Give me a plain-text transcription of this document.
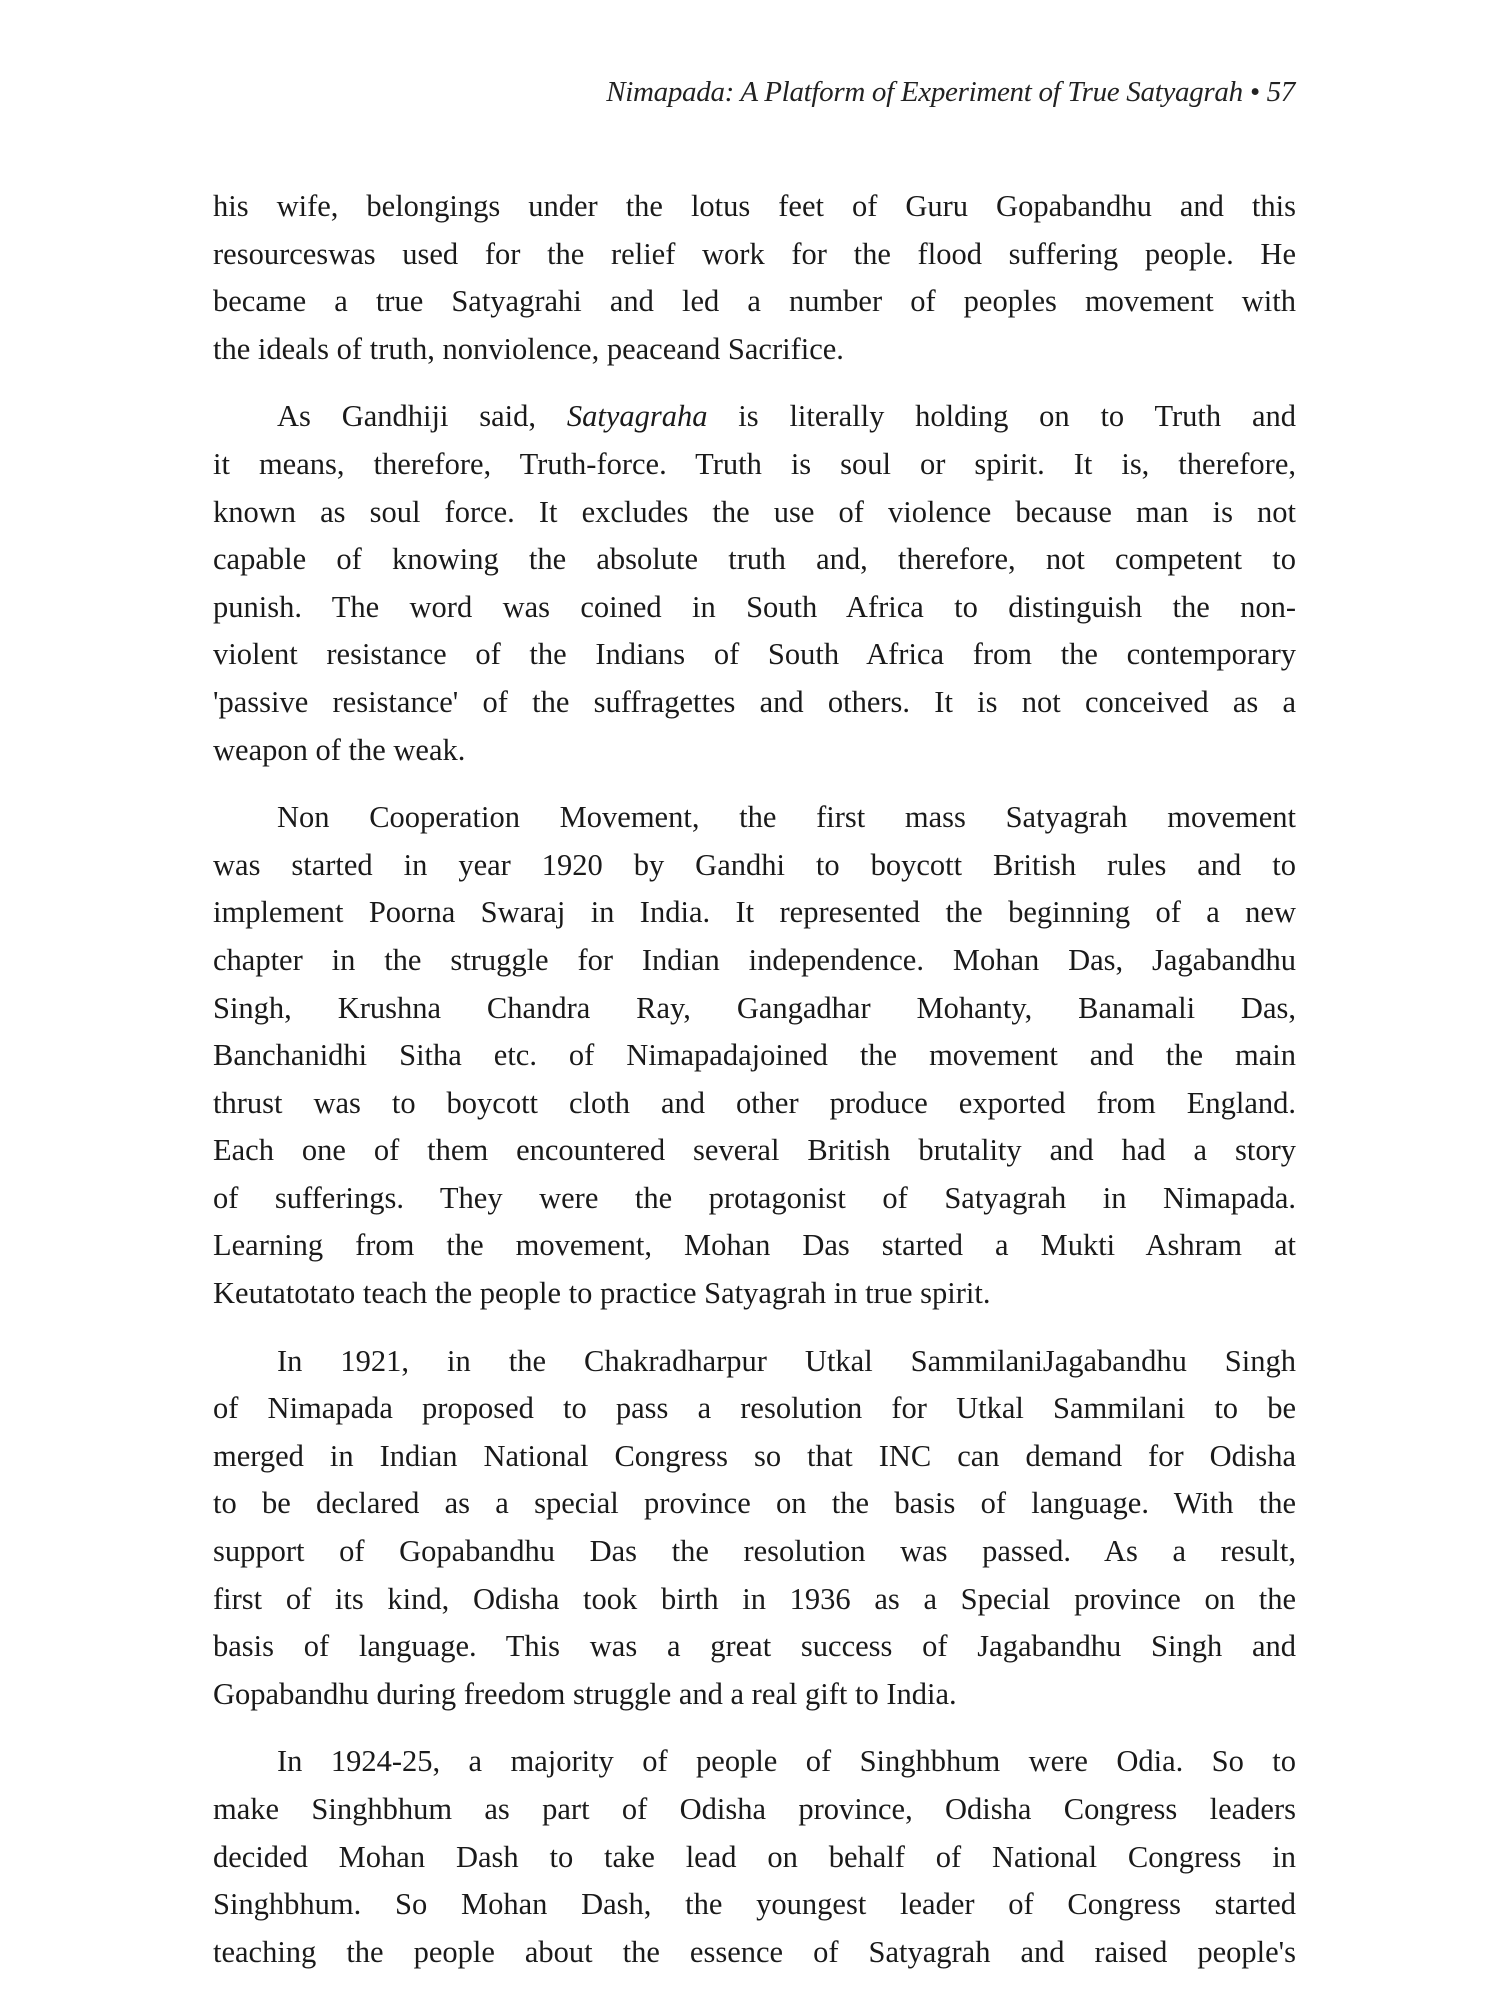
Nimapada: A Platform of Experiment of True Satyagrah • 57
his wife, belongings under the lotus feet of Guru Gopabandhu and this
resourceswas used for the relief work for the flood suffering people. He
became a true Satyagrahi and led a number of peoples movement with
the ideals of truth, nonviolence, peaceand Sacrifice.
As Gandhiji said, Satyagraha is literally holding on to Truth and
it means, therefore, Truth-force. Truth is soul or spirit. It is, therefore,
known as soul force. It excludes the use of violence because man is not
capable of knowing the absolute truth and, therefore, not competent to
punish. The word was coined in South Africa to distinguish the non-
violent resistance of the Indians of South Africa from the contemporary
'passive resistance' of the suffragettes and others. It is not conceived as a
weapon of the weak.
Non Cooperation Movement, the first mass Satyagrah movement
was started in year 1920 by Gandhi to boycott British rules and to
implement Poorna Swaraj in India. It represented the beginning of a new
chapter in the struggle for Indian independence. Mohan Das, Jagabandhu
Singh, Krushna Chandra Ray, Gangadhar Mohanty, Banamali Das,
Banchanidhi Sitha etc. of Nimapadajoined the movement and the main
thrust was to boycott cloth and other produce exported from England.
Each one of them encountered several British brutality and had a story
of sufferings. They were the protagonist of Satyagrah in Nimapada.
Learning from the movement, Mohan Das started a Mukti Ashram at
Keutatotato teach the people to practice Satyagrah in true spirit.
In 1921, in the Chakradharpur Utkal SammilaniJagabandhu Singh
of Nimapada proposed to pass a resolution for Utkal Sammilani to be
merged in Indian National Congress so that INC can demand for Odisha
to be declared as a special province on the basis of language. With the
support of Gopabandhu Das the resolution was passed. As a result,
first of its kind, Odisha took birth in 1936 as a Special province on the
basis of language. This was a great success of Jagabandhu Singh and
Gopabandhu during freedom struggle and a real gift to India.
In 1924-25, a majority of people of Singhbhum were Odia. So to
make Singhbhum as part of Odisha province, Odisha Congress leaders
decided Mohan Dash to take lead on behalf of National Congress in
Singhbhum. So Mohan Dash, the youngest leader of Congress started
teaching the people about the essence of Satyagrah and raised people's
